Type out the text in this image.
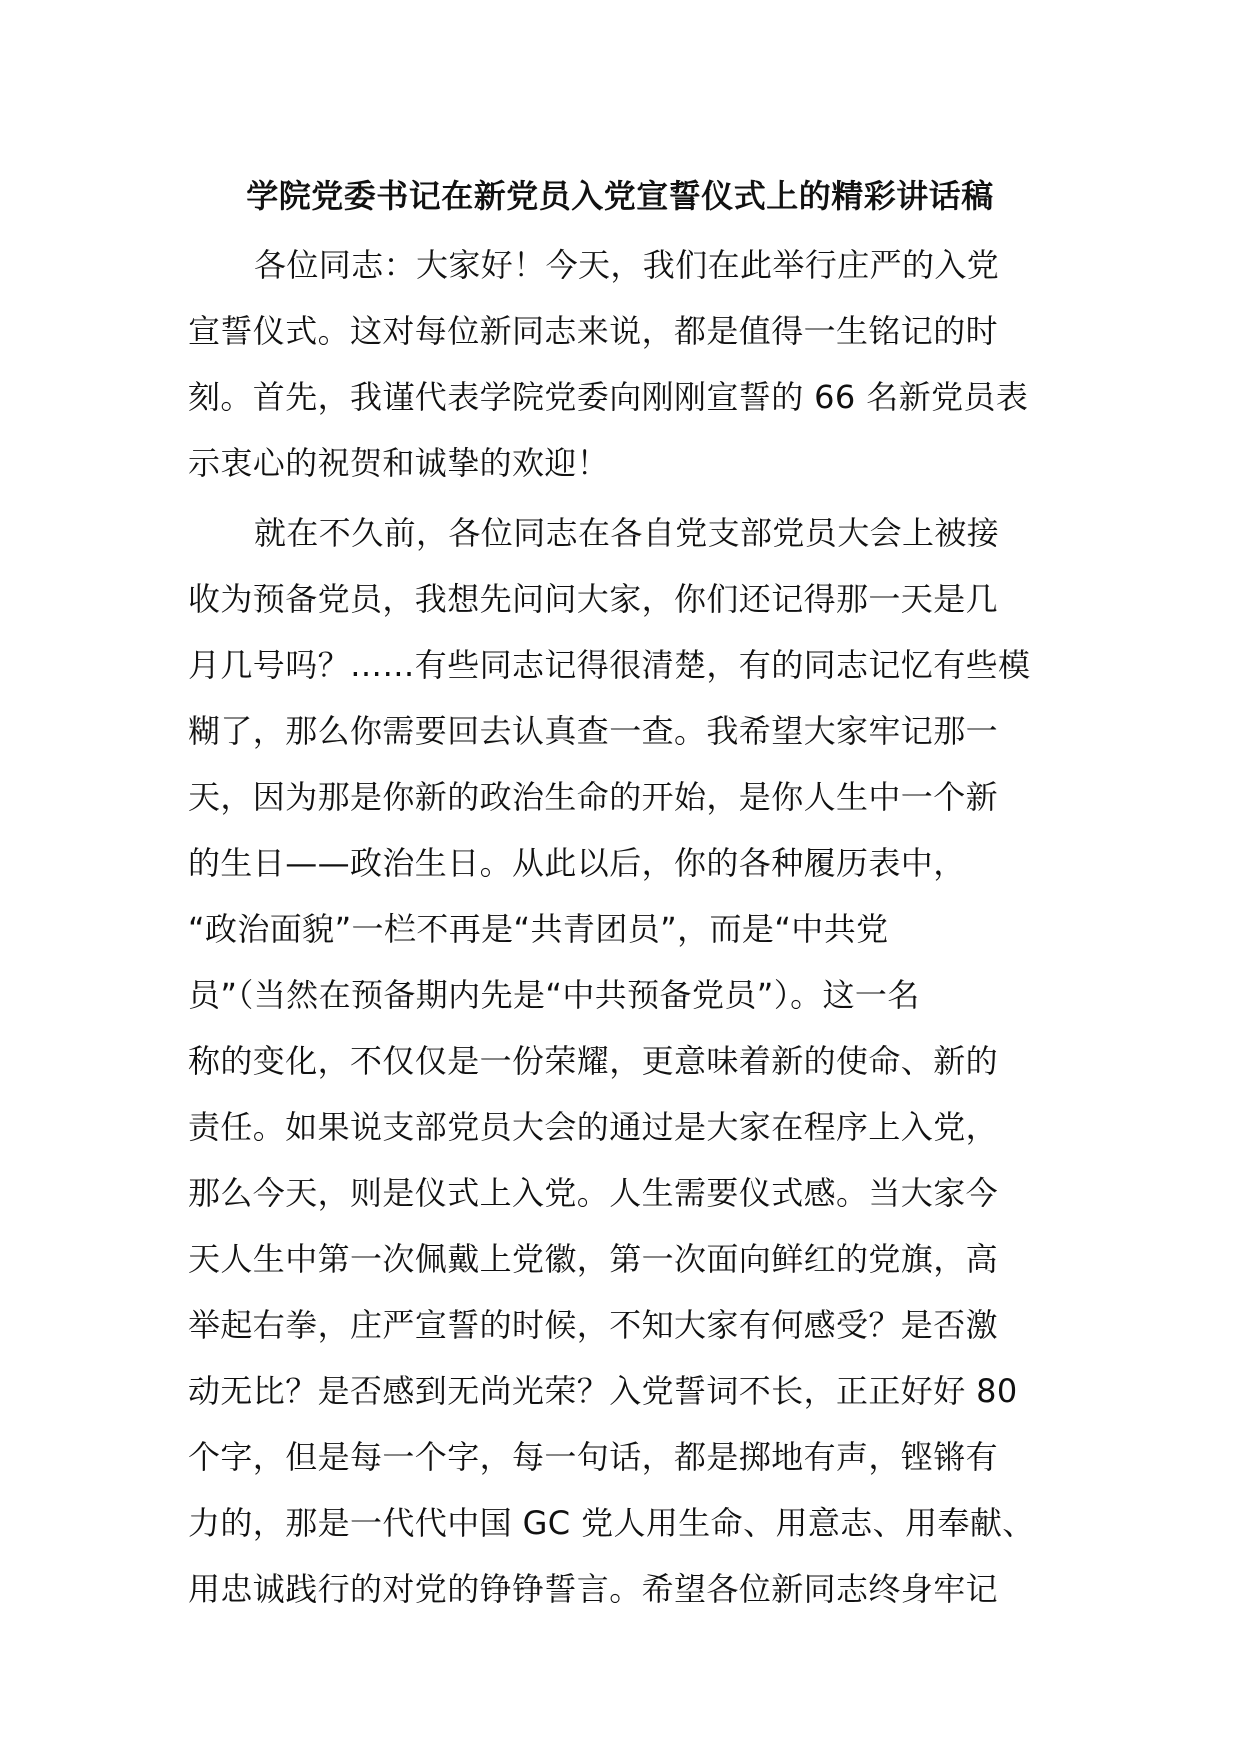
学院党委书记在新党员入党宣誓仪式上的精彩讲话稿
各位同志：大家好！今天，我们在此举行庄严的入党
宣誓仪式。这对每位新同志来说，都是值得一生铭记的时
刻。首先，我谨代表学院党委向刚刚宣誓的 66 名新党员表
示衷心的祝贺和诚挚的欢迎！
就在不久前，各位同志在各自党支部党员大会上被接
收为预备党员，我想先问问大家，你们还记得那一天是几
月几号吗？……有些同志记得很清楚，有的同志记忆有些模
糊了，那么你需要回去认真查一查。我希望大家牢记那一
天，因为那是你新的政治生命的开始，是你人生中一个新
的生日——政治生日。从此以后，你的各种履历表中，
“政治面貌”一栏不再是“共青团员”，而是“中共党
员”（当然在预备期内先是“中共预备党员”）。这一名
称的变化，不仅仅是一份荣耀，更意味着新的使命、新的
责任。如果说支部党员大会的通过是大家在程序上入党，
那么今天，则是仪式上入党。人生需要仪式感。当大家今
天人生中第一次佩戴上党徽，第一次面向鲜红的党旗，高
举起右拳，庄严宣誓的时候，不知大家有何感受？是否激
动无比？是否感到无尚光荣？入党誓词不长，正正好好 80
个字，但是每一个字，每一句话，都是掷地有声，铿锵有
力的，那是一代代中国 GC 党人用生命、用意志、用奉献、
用忠诚践行的对党的铮铮誓言。希望各位新同志终身牢记
